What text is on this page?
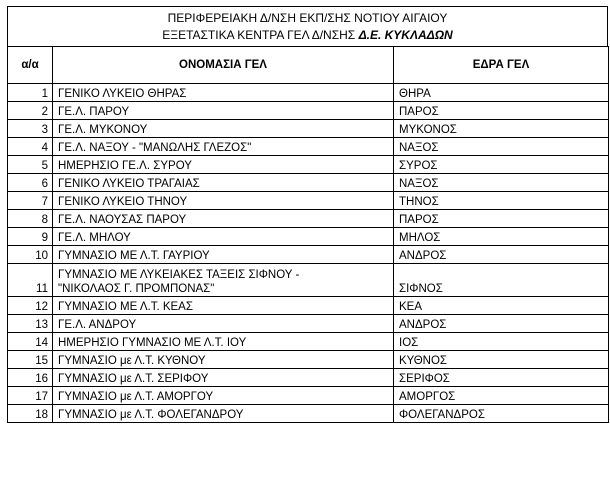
ΠΕΡΙΦΕΡΕΙΑΚΗ Δ/ΝΣΗ ΕΚΠ/ΣΗΣ ΝΟΤΙΟΥ ΑΙΓΑΙΟΥ
ΕΞΕΤΑΣΤΙΚΑ ΚΕΝΤΡΑ ΓΕΛ Δ/ΝΣΗΣ Δ.Ε. ΚΥΚΛΑΔΩΝ
α/α	ΟΝΟΜΑΣΙΑ ΓΕΛ	ΕΔΡΑ ΓΕΛ
1	ΓΕΝΙΚΟ ΛΥΚΕΙΟ ΘΗΡΑΣ	ΘΗΡΑ
2	ΓΕ.Λ. ΠΑΡΟΥ	ΠΑΡΟΣ
3	ΓΕ.Λ. ΜΥΚΟΝΟΥ	ΜΥΚΟΝΟΣ
4	ΓΕ.Λ. ΝΑΞΟΥ - "ΜΑΝΩΛΗΣ ΓΛΕΖΟΣ"	ΝΑΞΟΣ
5	ΗΜΕΡΗΣΙΟ ΓΕ.Λ. ΣΥΡΟΥ	ΣΥΡΟΣ
6	ΓΕΝΙΚΟ ΛΥΚΕΙΟ ΤΡΑΓΑΙΑΣ	ΝΑΞΟΣ
7	ΓΕΝΙΚΟ ΛΥΚΕΙΟ ΤΗΝΟΥ	ΤΗΝΟΣ
8	ΓΕ.Λ. ΝΑΟΥΣΑΣ ΠΑΡΟΥ	ΠΑΡΟΣ
9	ΓΕ.Λ. ΜΗΛΟΥ	ΜΗΛΟΣ
10	ΓΥΜΝΑΣΙΟ ΜΕ Λ.Τ. ΓΑΥΡΙΟΥ	ΑΝΔΡΟΣ
11	ΓΥΜΝΑΣΙΟ ΜΕ ΛΥΚΕΙΑΚΕΣ ΤΑΞΕΙΣ ΣΙΦΝΟΥ -
"ΝΙΚΟΛΑΟΣ Γ. ΠΡΟΜΠΟΝΑΣ"	ΣΙΦΝΟΣ
12	ΓΥΜΝΑΣΙΟ ΜΕ Λ.Τ. ΚΕΑΣ	ΚΕΑ
13	ΓΕ.Λ. ΑΝΔΡΟΥ	ΑΝΔΡΟΣ
14	ΗΜΕΡΗΣΙΟ ΓΥΜΝΑΣΙΟ ΜΕ Λ.Τ. ΙΟΥ	ΙΟΣ
15	ΓΥΜΝΑΣΙΟ με Λ.Τ. ΚΥΘΝΟΥ	ΚΥΘΝΟΣ
16	ΓΥΜΝΑΣΙΟ με Λ.Τ. ΣΕΡΙΦΟΥ	ΣΕΡΙΦΟΣ
17	ΓΥΜΝΑΣΙΟ με Λ.Τ. ΑΜΟΡΓΟΥ	ΑΜΟΡΓΟΣ
18	ΓΥΜΝΑΣΙΟ με Λ.Τ. ΦΟΛΕΓΑΝΔΡΟΥ	ΦΟΛΕΓΑΝΔΡΟΣ
